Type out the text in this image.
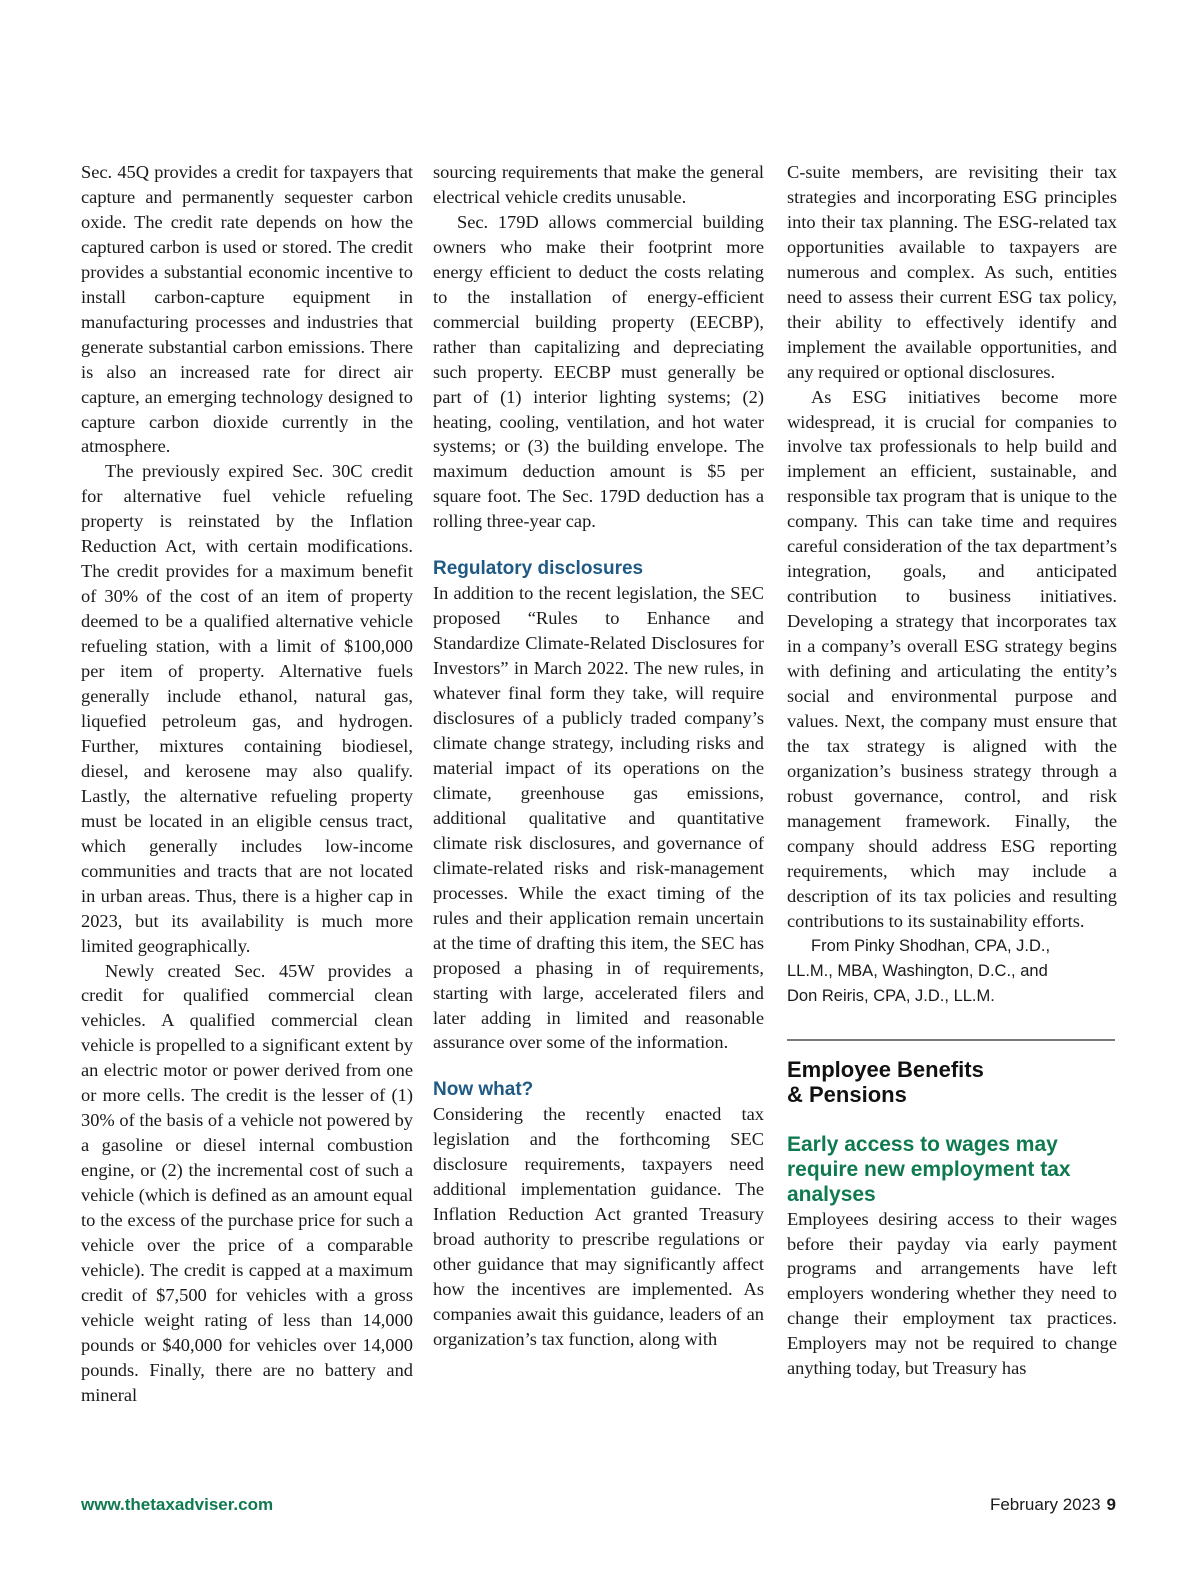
Sec. 45Q provides a credit for taxpayers that capture and permanently sequester carbon oxide. The credit rate depends on how the captured carbon is used or stored. The credit provides a substantial economic incentive to install carbon-capture equipment in manufacturing processes and industries that generate substantial carbon emissions. There is also an increased rate for direct air capture, an emerging technology designed to capture carbon dioxide currently in the atmosphere.

The previously expired Sec. 30C credit for alternative fuel vehicle refueling property is reinstated by the Inflation Reduction Act, with certain modifications. The credit provides for a maximum benefit of 30% of the cost of an item of property deemed to be a qualified alternative vehicle refueling station, with a limit of $100,000 per item of property. Alternative fuels generally include ethanol, natural gas, liquefied petroleum gas, and hydrogen. Further, mixtures containing biodiesel, diesel, and kerosene may also qualify. Lastly, the alternative refueling property must be located in an eligible census tract, which generally includes low-income communities and tracts that are not located in urban areas. Thus, there is a higher cap in 2023, but its availability is much more limited geographically.

Newly created Sec. 45W provides a credit for qualified commercial clean vehicles. A qualified commercial clean vehicle is propelled to a significant extent by an electric motor or power derived from one or more cells. The credit is the lesser of (1) 30% of the basis of a vehicle not powered by a gasoline or diesel internal combustion engine, or (2) the incremental cost of such a vehicle (which is defined as an amount equal to the excess of the purchase price for such a vehicle over the price of a comparable vehicle). The credit is capped at a maximum credit of $7,500 for vehicles with a gross vehicle weight rating of less than 14,000 pounds or $40,000 for vehicles over 14,000 pounds. Finally, there are no battery and mineral

sourcing requirements that make the general electrical vehicle credits unusable.

Sec. 179D allows commercial building owners who make their footprint more energy efficient to deduct the costs relating to the installation of energy-efficient commercial building property (EECBP), rather than capitalizing and depreciating such property. EECBP must generally be part of (1) interior lighting systems; (2) heating, cooling, ventilation, and hot water systems; or (3) the building envelope. The maximum deduction amount is $5 per square foot. The Sec. 179D deduction has a rolling three-year cap.

Regulatory disclosures

In addition to the recent legislation, the SEC proposed “Rules to Enhance and Standardize Climate-Related Disclosures for Investors” in March 2022. The new rules, in whatever final form they take, will require disclosures of a publicly traded company’s climate change strategy, including risks and material impact of its operations on the climate, greenhouse gas emissions, additional qualitative and quantitative climate risk disclosures, and governance of climate-related risks and risk-management processes. While the exact timing of the rules and their application remain uncertain at the time of drafting this item, the SEC has proposed a phasing in of requirements, starting with large, accelerated filers and later adding in limited and reasonable assurance over some of the information.

Now what?

Considering the recently enacted tax legislation and the forthcoming SEC disclosure requirements, taxpayers need additional implementation guidance. The Inflation Reduction Act granted Treasury broad authority to prescribe regulations or other guidance that may significantly affect how the incentives are implemented. As companies await this guidance, leaders of an organization’s tax function, along with

C-suite members, are revisiting their tax strategies and incorporating ESG principles into their tax planning. The ESG-related tax opportunities available to taxpayers are numerous and complex. As such, entities need to assess their current ESG tax policy, their ability to effectively identify and implement the available opportunities, and any required or optional disclosures.

As ESG initiatives become more widespread, it is crucial for companies to involve tax professionals to help build and implement an efficient, sustainable, and responsible tax program that is unique to the company. This can take time and requires careful consideration of the tax department’s integration, goals, and anticipated contribution to business initiatives. Developing a strategy that incorporates tax in a company’s overall ESG strategy begins with defining and articulating the entity’s social and environmental purpose and values. Next, the company must ensure that the tax strategy is aligned with the organization’s business strategy through a robust governance, control, and risk management framework. Finally, the company should address ESG reporting requirements, which may include a description of its tax policies and resulting contributions to its sustainability efforts.

From Pinky Shodhan, CPA, J.D.,
LL.M., MBA, Washington, D.C., and
Don Reiris, CPA, J.D., LL.M.
Employee Benefits
& Pensions
Early access to wages may
require new employment tax
analyses

Employees desiring access to their wages before their payday via early payment programs and arrangements have left employers wondering whether they need to change their employment tax practices. Employers may not be required to change anything today, but Treasury has

www.thetaxadviser.com	February 2023 9
